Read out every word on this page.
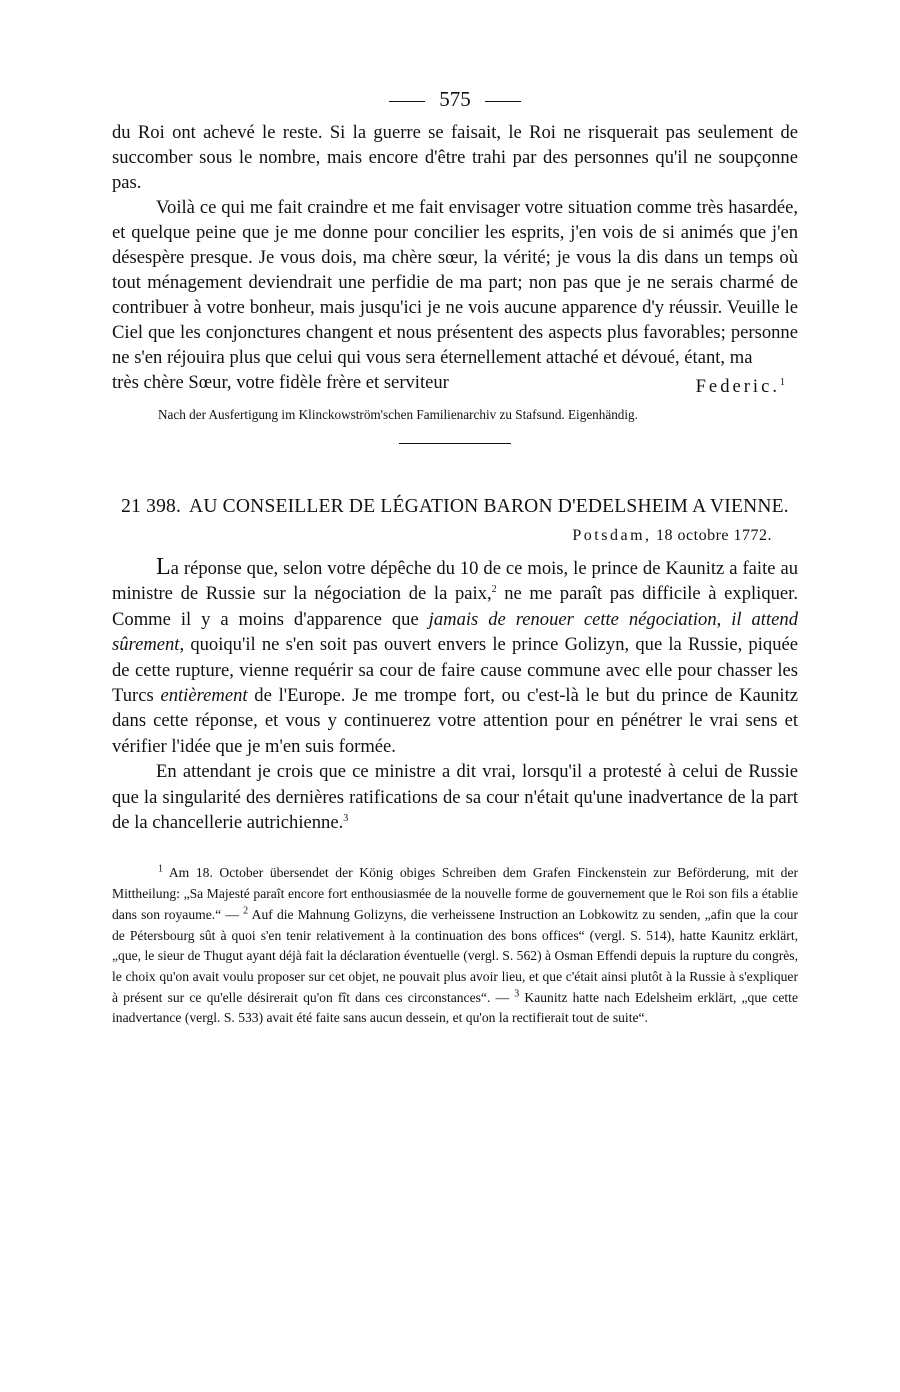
575

du Roi ont achevé le reste. Si la guerre se faisait, le Roi ne risquerait pas seulement de succomber sous le nombre, mais encore d'être trahi par des personnes qu'il ne soupçonne pas.

Voilà ce qui me fait craindre et me fait envisager votre situation comme très hasardée, et quelque peine que je me donne pour concilier les esprits, j'en vois de si animés que j'en désespère presque. Je vous dois, ma chère sœur, la vérité; je vous la dis dans un temps où tout ménagement deviendrait une perfidie de ma part; non pas que je ne serais charmé de contribuer à votre bonheur, mais jusqu'ici je ne vois aucune apparence d'y réussir. Veuille le Ciel que les conjonctures changent et nous présentent des aspects plus favorables; personne ne s'en réjouira plus que celui qui vous sera éternellement attaché et dévoué, étant, ma

très chère Sœur, votre fidèle frère et serviteur	Federic.$^1$
Nach der Ausfertigung im Klinckowström'schen Familienarchiv zu Stafsund. Eigenhändig.
21 398. AU CONSEILLER DE LÉGATION BARON D'EDELSHEIM A VIENNE.
Potsdam, 18 octobre 1772.

La réponse que, selon votre dépêche du 10 de ce mois, le prince de Kaunitz a faite au ministre de Russie sur la négociation de la paix,$^2$ ne me paraît pas difficile à expliquer. Comme il y a moins d'apparence que jamais de renouer cette négociation, il attend sûrement, quoiqu'il ne s'en soit pas ouvert envers le prince Golizyn, que la Russie, piquée de cette rupture, vienne requérir sa cour de faire cause commune avec elle pour chasser les Turcs entièrement de l'Europe. Je me trompe fort, ou c'est-là le but du prince de Kaunitz dans cette réponse, et vous y continuerez votre attention pour en pénétrer le vrai sens et vérifier l'idée que je m'en suis formée.

En attendant je crois que ce ministre a dit vrai, lorsqu'il a protesté à celui de Russie que la singularité des dernières ratifications de sa cour n'était qu'une inadvertance de la part de la chancellerie autrichienne.$^3$

$^1$ Am 18. October übersendet der König obiges Schreiben dem Grafen Finckenstein zur Beförderung, mit der Mittheilung: „Sa Majesté paraît encore fort enthousiasmée de la nouvelle forme de gouvernement que le Roi son fils a établie dans son royaume.“ — $^2$ Auf die Mahnung Golizyns, die verheissene Instruction an Lobkowitz zu senden, „afin que la cour de Pétersbourg sût à quoi s'en tenir relativement à la continuation des bons offices“ (vergl. S. 514), hatte Kaunitz erklärt, „que, le sieur de Thugut ayant déjà fait la déclaration éventuelle (vergl. S. 562) à Osman Effendi depuis la rupture du congrès, le choix qu'on avait voulu proposer sur cet objet, ne pouvait plus avoir lieu, et que c'était ainsi plutôt à la Russie à s'expliquer à présent sur ce qu'elle désirerait qu'on fît dans ces circonstances“. — $^3$ Kaunitz hatte nach Edelsheim erklärt, „que cette inadvertance (vergl. S. 533) avait été faite sans aucun dessein, et qu'on la rectifierait tout de suite“.
